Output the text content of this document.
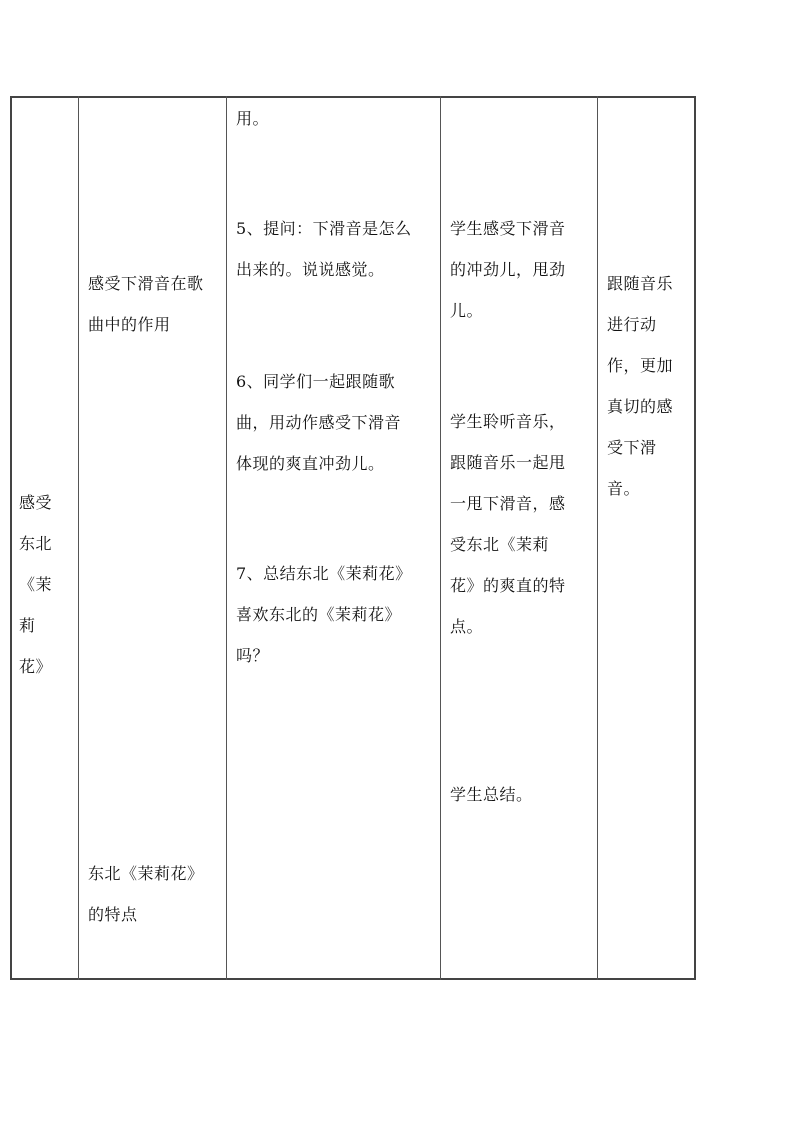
感受
东北
《茉
莉
花》
感受下滑音在歌
曲中的作用
东北《茉莉花》
的特点
用。
5、提问：下滑音是怎么
出来的。说说感觉。
6、同学们一起跟随歌
曲，用动作感受下滑音
体现的爽直冲劲儿。
7、总结东北《茉莉花》
喜欢东北的《茉莉花》
吗？
学生感受下滑音
的冲劲儿，甩劲
儿。
学生聆听音乐，
跟随音乐一起甩
一甩下滑音，感
受东北《茉莉
花》的爽直的特
点。
学生总结。
跟随音乐
进行动
作，更加
真切的感
受下滑
音。
